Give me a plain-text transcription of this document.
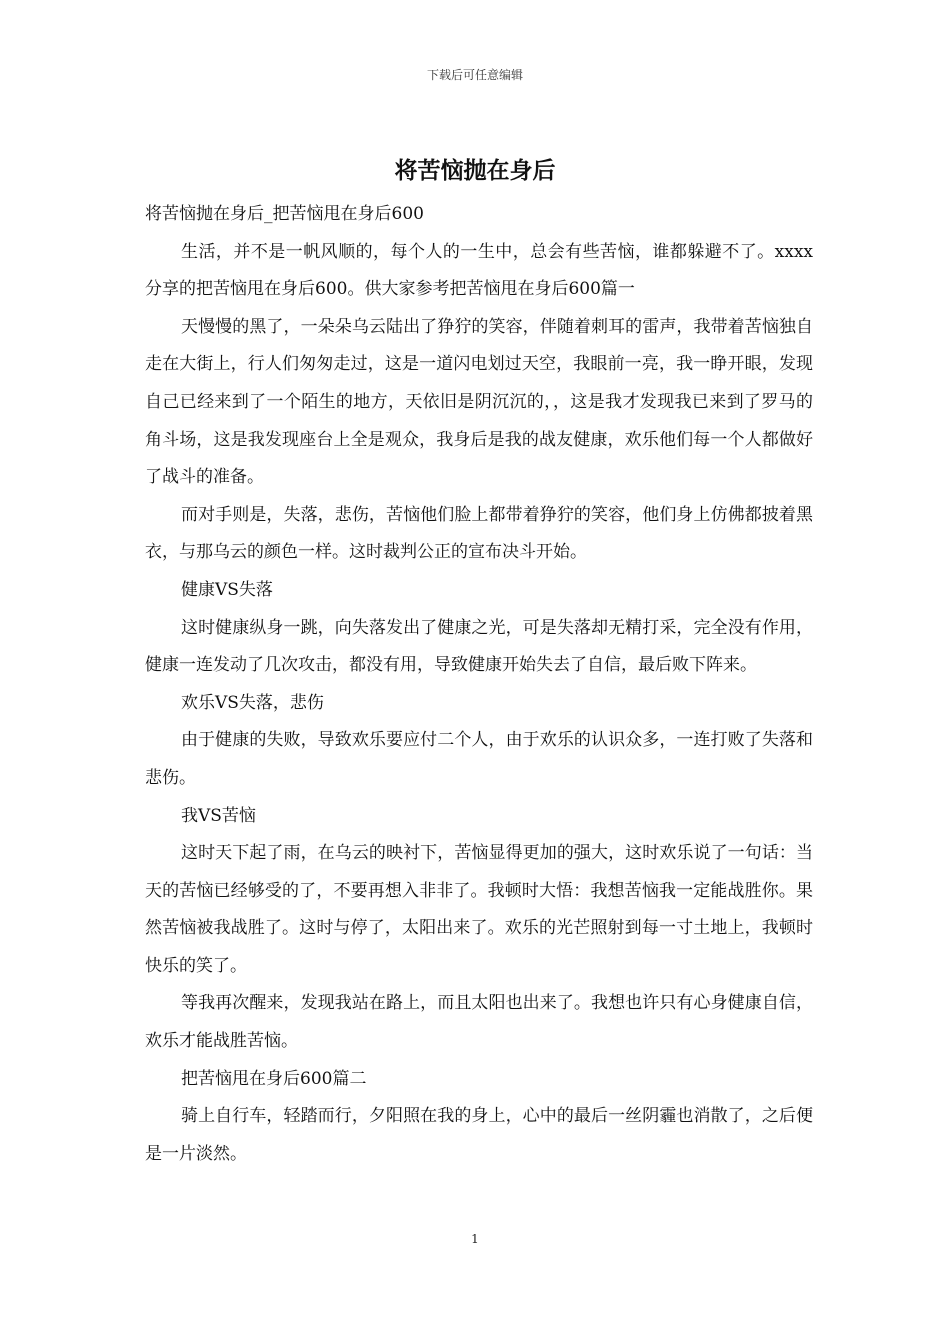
下载后可任意编辑
将苦恼抛在身后

将苦恼抛在身后_把苦恼甩在身后600

生活，并不是一帆风顺的，每个人的一生中，总会有些苦恼，谁都躲避不了。xxxx分享的把苦恼甩在身后600。供大家参考把苦恼甩在身后600篇一

天慢慢的黑了，一朵朵乌云陆出了狰狞的笑容，伴随着刺耳的雷声，我带着苦恼独自走在大街上，行人们匆匆走过，这是一道闪电划过天空，我眼前一亮，我一睁开眼，发现自己已经来到了一个陌生的地方，天依旧是阴沉沉的，，这是我才发现我已来到了罗马的角斗场，这是我发现座台上全是观众，我身后是我的战友健康，欢乐他们每一个人都做好了战斗的准备。

而对手则是，失落，悲伤，苦恼他们脸上都带着狰狞的笑容，他们身上仿佛都披着黑衣，与那乌云的颜色一样。这时裁判公正的宣布决斗开始。

健康VS失落

这时健康纵身一跳，向失落发出了健康之光，可是失落却无精打采，完全没有作用，健康一连发动了几次攻击，都没有用，导致健康开始失去了自信，最后败下阵来。

欢乐VS失落，悲伤

由于健康的失败，导致欢乐要应付二个人，由于欢乐的认识众多，一连打败了失落和悲伤。

我VS苦恼

这时天下起了雨，在乌云的映衬下，苦恼显得更加的强大，这时欢乐说了一句话：当天的苦恼已经够受的了，不要再想入非非了。我顿时大悟：我想苦恼我一定能战胜你。果然苦恼被我战胜了。这时与停了，太阳出来了。欢乐的光芒照射到每一寸土地上，我顿时快乐的笑了。

等我再次醒来，发现我站在路上，而且太阳也出来了。我想也许只有心身健康自信，欢乐才能战胜苦恼。

把苦恼甩在身后600篇二

骑上自行车，轻踏而行，夕阳照在我的身上，心中的最后一丝阴霾也消散了，之后便是一片淡然。

1
